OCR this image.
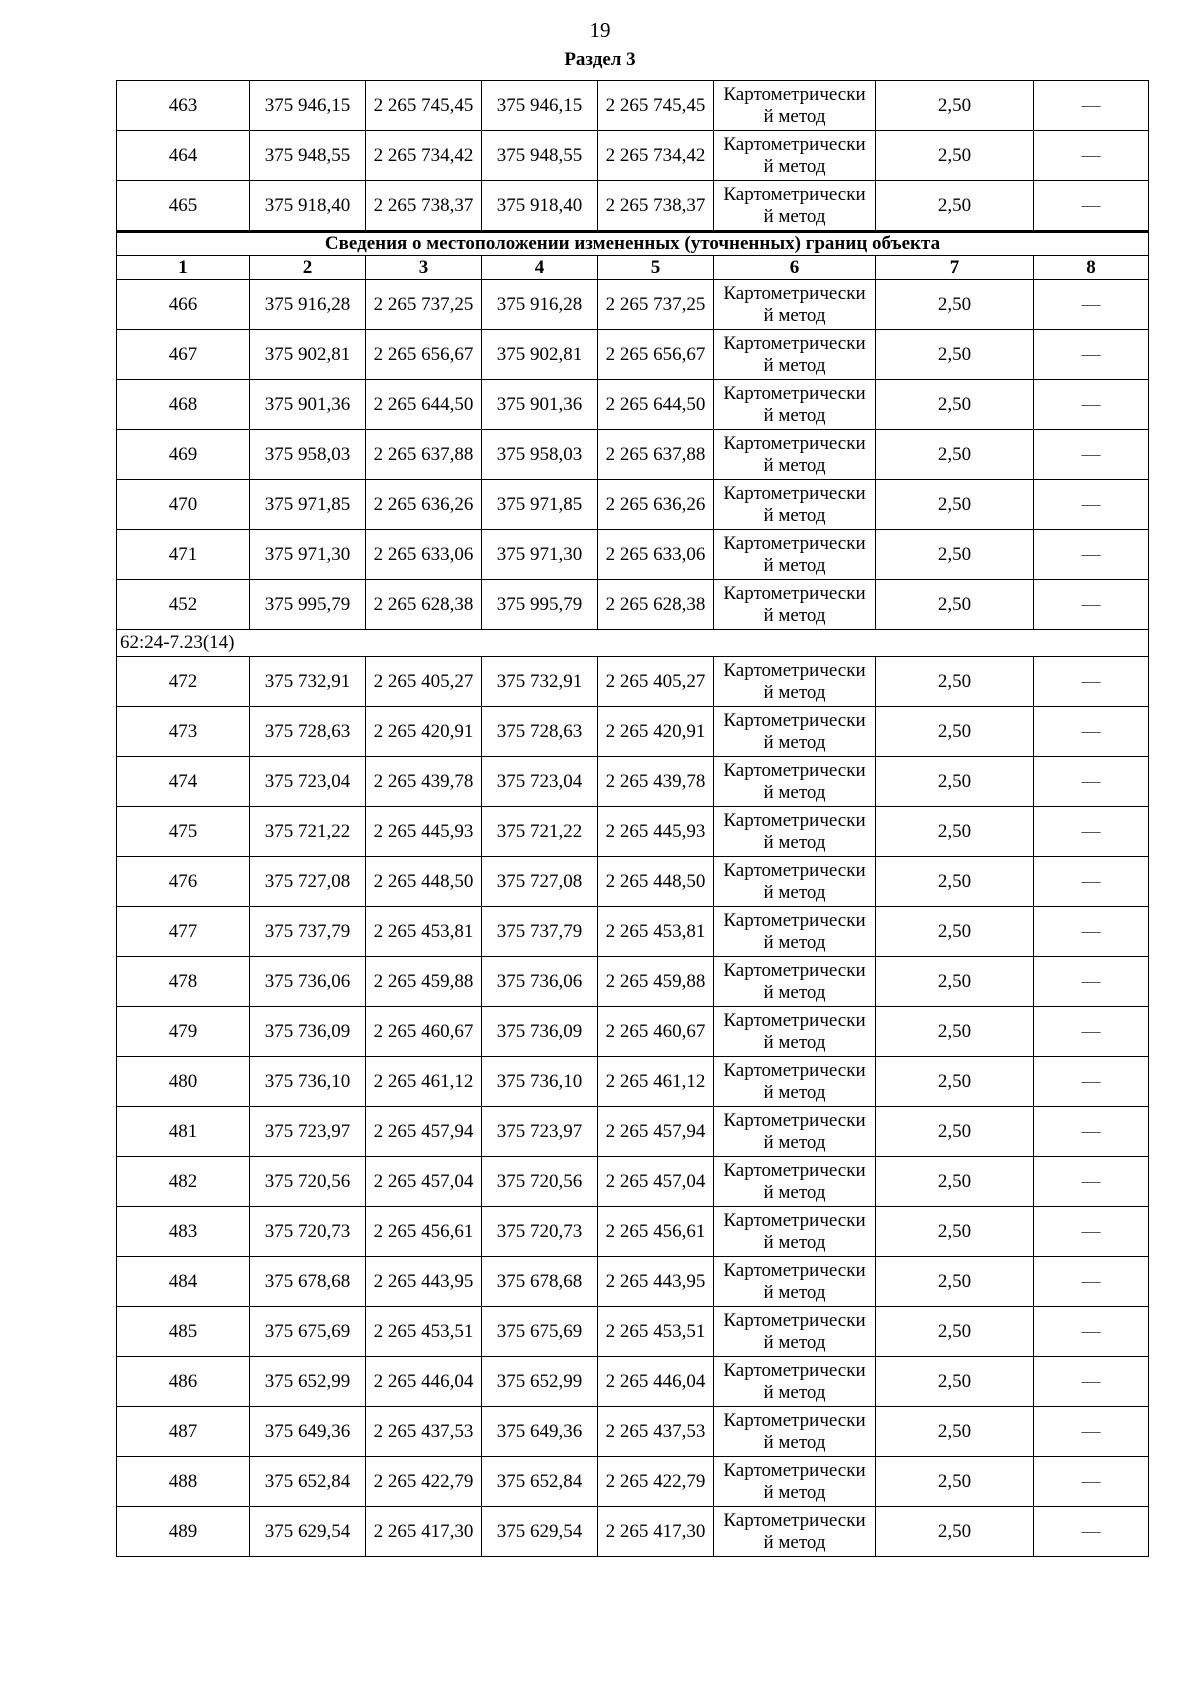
19
Раздел 3
463	375 946,15	2 265 745,45	375 946,15	2 265 745,45	Картометрически
й метод	2,50	—
464	375 948,55	2 265 734,42	375 948,55	2 265 734,42	Картометрически
й метод	2,50	—
465	375 918,40	2 265 738,37	375 918,40	2 265 738,37	Картометрически
й метод	2,50	—
Сведения о местоположении измененных (уточненных) границ объекта							
1	2	3	4	5	6	7	8
466	375 916,28	2 265 737,25	375 916,28	2 265 737,25	Картометрически
й метод	2,50	—
467	375 902,81	2 265 656,67	375 902,81	2 265 656,67	Картометрически
й метод	2,50	—
468	375 901,36	2 265 644,50	375 901,36	2 265 644,50	Картометрически
й метод	2,50	—
469	375 958,03	2 265 637,88	375 958,03	2 265 637,88	Картометрически
й метод	2,50	—
470	375 971,85	2 265 636,26	375 971,85	2 265 636,26	Картометрически
й метод	2,50	—
471	375 971,30	2 265 633,06	375 971,30	2 265 633,06	Картометрически
й метод	2,50	—
452	375 995,79	2 265 628,38	375 995,79	2 265 628,38	Картометрически
й метод	2,50	—
62:24-7.23(14)							
472	375 732,91	2 265 405,27	375 732,91	2 265 405,27	Картометрически
й метод	2,50	—
473	375 728,63	2 265 420,91	375 728,63	2 265 420,91	Картометрически
й метод	2,50	—
474	375 723,04	2 265 439,78	375 723,04	2 265 439,78	Картометрически
й метод	2,50	—
475	375 721,22	2 265 445,93	375 721,22	2 265 445,93	Картометрически
й метод	2,50	—
476	375 727,08	2 265 448,50	375 727,08	2 265 448,50	Картометрически
й метод	2,50	—
477	375 737,79	2 265 453,81	375 737,79	2 265 453,81	Картометрически
й метод	2,50	—
478	375 736,06	2 265 459,88	375 736,06	2 265 459,88	Картометрически
й метод	2,50	—
479	375 736,09	2 265 460,67	375 736,09	2 265 460,67	Картометрически
й метод	2,50	—
480	375 736,10	2 265 461,12	375 736,10	2 265 461,12	Картометрически
й метод	2,50	—
481	375 723,97	2 265 457,94	375 723,97	2 265 457,94	Картометрически
й метод	2,50	—
482	375 720,56	2 265 457,04	375 720,56	2 265 457,04	Картометрически
й метод	2,50	—
483	375 720,73	2 265 456,61	375 720,73	2 265 456,61	Картометрически
й метод	2,50	—
484	375 678,68	2 265 443,95	375 678,68	2 265 443,95	Картометрически
й метод	2,50	—
485	375 675,69	2 265 453,51	375 675,69	2 265 453,51	Картометрически
й метод	2,50	—
486	375 652,99	2 265 446,04	375 652,99	2 265 446,04	Картометрически
й метод	2,50	—
487	375 649,36	2 265 437,53	375 649,36	2 265 437,53	Картометрически
й метод	2,50	—
488	375 652,84	2 265 422,79	375 652,84	2 265 422,79	Картометрически
й метод	2,50	—
489	375 629,54	2 265 417,30	375 629,54	2 265 417,30	Картометрически
й метод	2,50	—
